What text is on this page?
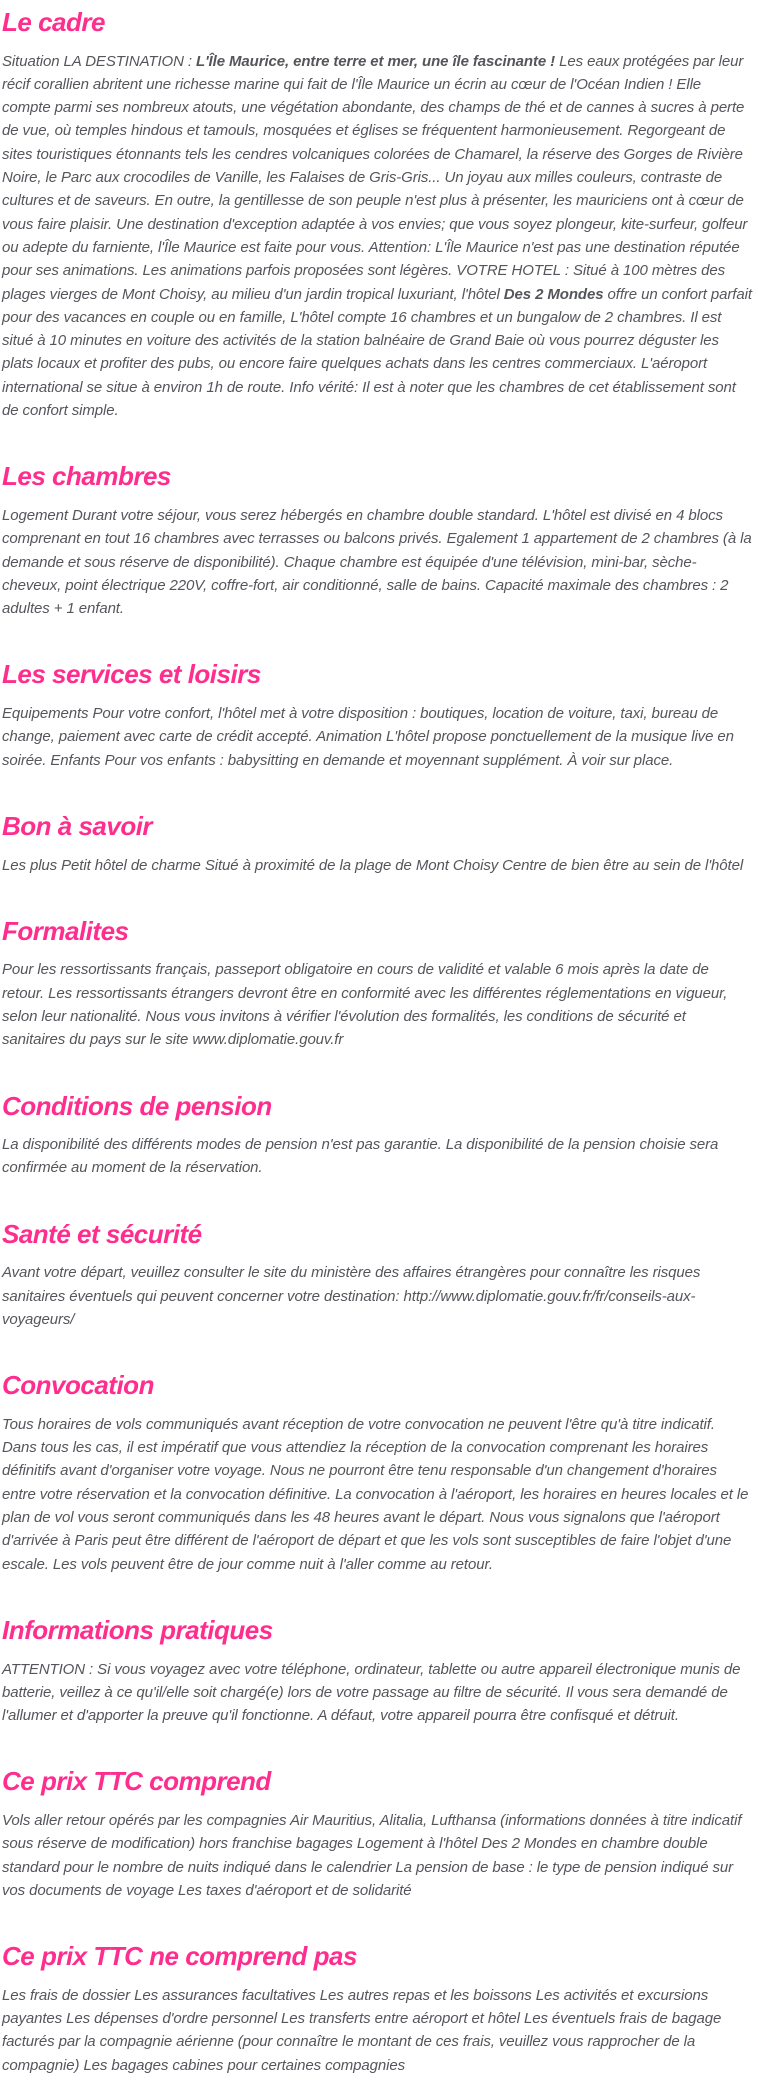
Le cadre

Situation LA DESTINATION : L'Île Maurice, entre terre et mer, une île fascinante ! Les eaux protégées par leur récif corallien abritent une richesse marine qui fait de l'Île Maurice un écrin au cœur de l'Océan Indien ! Elle compte parmi ses nombreux atouts, une végétation abondante, des champs de thé et de cannes à sucres à perte de vue, où temples hindous et tamouls, mosquées et églises se fréquentent harmonieusement. Regorgeant de sites touristiques étonnants tels les cendres volcaniques colorées de Chamarel, la réserve des Gorges de Rivière Noire, le Parc aux crocodiles de Vanille, les Falaises de Gris-Gris... Un joyau aux milles couleurs, contraste de cultures et de saveurs. En outre, la gentillesse de son peuple n'est plus à présenter, les mauriciens ont à cœur de vous faire plaisir. Une destination d'exception adaptée à vos envies; que vous soyez plongeur, kite-surfeur, golfeur ou adepte du farniente, l'Île Maurice est faite pour vous. Attention: L'Île Maurice n'est pas une destination réputée pour ses animations. Les animations parfois proposées sont légères. VOTRE HOTEL : Situé à 100 mètres des plages vierges de Mont Choisy, au milieu d'un jardin tropical luxuriant, l'hôtel Des 2 Mondes offre un confort parfait pour des vacances en couple ou en famille, L'hôtel compte 16 chambres et un bungalow de 2 chambres. Il est situé à 10 minutes en voiture des activités de la station balnéaire de Grand Baie où vous pourrez déguster les plats locaux et profiter des pubs, ou encore faire quelques achats dans les centres commerciaux. L'aéroport international se situe à environ 1h de route. Info vérité: Il est à noter que les chambres de cet établissement sont de confort simple.

Les chambres

Logement Durant votre séjour, vous serez hébergés en chambre double standard. L'hôtel est divisé en 4 blocs comprenant en tout 16 chambres avec terrasses ou balcons privés. Egalement 1 appartement de 2 chambres (à la demande et sous réserve de disponibilité). Chaque chambre est équipée d'une télévision, mini-bar, sèche-cheveux, point électrique 220V, coffre-fort, air conditionné, salle de bains. Capacité maximale des chambres : 2 adultes + 1 enfant.

Les services et loisirs

Equipements Pour votre confort, l'hôtel met à votre disposition : boutiques, location de voiture, taxi, bureau de change, paiement avec carte de crédit accepté. Animation L'hôtel propose ponctuellement de la musique live en soirée. Enfants Pour vos enfants : babysitting en demande et moyennant supplément. À voir sur place.

Bon à savoir

Les plus Petit hôtel de charme Situé à proximité de la plage de Mont Choisy Centre de bien être au sein de l'hôtel

Formalites

Pour les ressortissants français, passeport obligatoire en cours de validité et valable 6 mois après la date de retour. Les ressortissants étrangers devront être en conformité avec les différentes réglementations en vigueur, selon leur nationalité. Nous vous invitons à vérifier l'évolution des formalités, les conditions de sécurité et sanitaires du pays sur le site www.diplomatie.gouv.fr

Conditions de pension

La disponibilité des différents modes de pension n'est pas garantie. La disponibilité de la pension choisie sera confirmée au moment de la réservation.

Santé et sécurité

Avant votre départ, veuillez consulter le site du ministère des affaires étrangères pour connaître les risques sanitaires éventuels qui peuvent concerner votre destination: http://www.diplomatie.gouv.fr/fr/conseils-aux-voyageurs/

Convocation

Tous horaires de vols communiqués avant réception de votre convocation ne peuvent l'être qu'à titre indicatif. Dans tous les cas, il est impératif que vous attendiez la réception de la convocation comprenant les horaires définitifs avant d'organiser votre voyage. Nous ne pourront être tenu responsable d'un changement d'horaires entre votre réservation et la convocation définitive. La convocation à l'aéroport, les horaires en heures locales et le plan de vol vous seront communiqués dans les 48 heures avant le départ. Nous vous signalons que l'aéroport d'arrivée à Paris peut être différent de l'aéroport de départ et que les vols sont susceptibles de faire l'objet d'une escale. Les vols peuvent être de jour comme nuit à l'aller comme au retour.

Informations pratiques

ATTENTION : Si vous voyagez avec votre téléphone, ordinateur, tablette ou autre appareil électronique munis de batterie, veillez à ce qu'il/elle soit chargé(e) lors de votre passage au filtre de sécurité. Il vous sera demandé de l'allumer et d'apporter la preuve qu'il fonctionne. A défaut, votre appareil pourra être confisqué et détruit.

Ce prix TTC comprend

Vols aller retour opérés par les compagnies Air Mauritius, Alitalia, Lufthansa (informations données à titre indicatif sous réserve de modification) hors franchise bagages Logement à l'hôtel Des 2 Mondes en chambre double standard pour le nombre de nuits indiqué dans le calendrier La pension de base : le type de pension indiqué sur vos documents de voyage Les taxes d'aéroport et de solidarité

Ce prix TTC ne comprend pas

Les frais de dossier Les assurances facultatives Les autres repas et les boissons Les activités et excursions payantes Les dépenses d'ordre personnel Les transferts entre aéroport et hôtel Les éventuels frais de bagage facturés par la compagnie aérienne (pour connaître le montant de ces frais, veuillez vous rapprocher de la compagnie) Les bagages cabines pour certaines compagnies
